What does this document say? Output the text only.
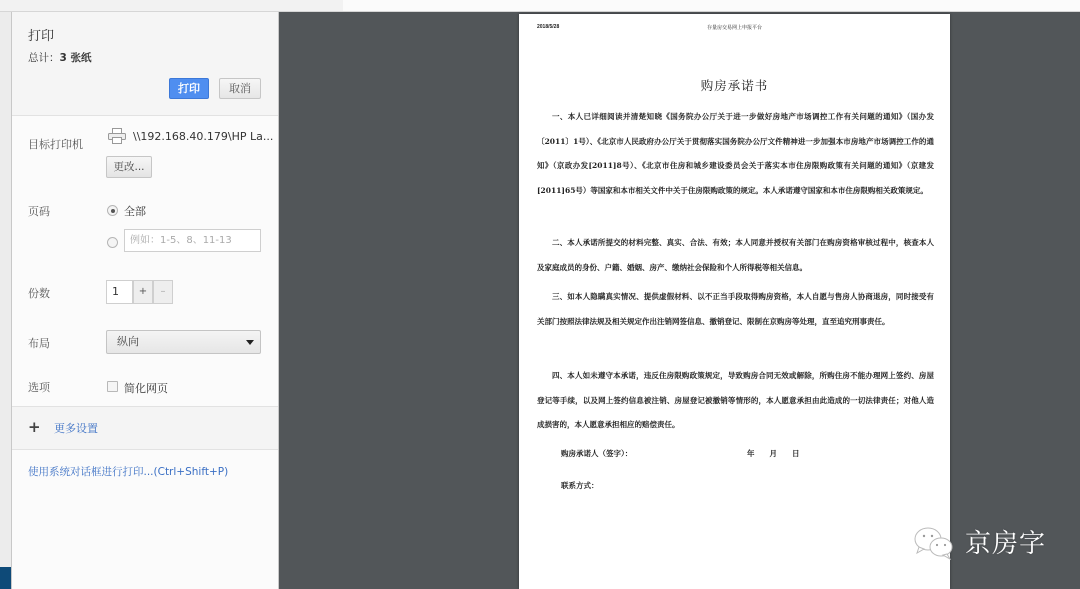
打印
总计：3 张纸
打印	取消
目标打印机
\\192.168.40.179\HP La...
更改...
页码	全部
例如：1-5、8、11-13
份数	1	+	–
布局	纵向
选项	简化网页
+ 更多设置
使用系统对话框进行打印...(Ctrl+Shift+P)
2018/5/28	存量房交易网上申报平台
购房承诺书

一、本人已详细阅读并清楚知晓《国务院办公厅关于进一步做好房地产市场调控工作有关问题的通知》（国办发〔2011〕1号）、《北京市人民政府办公厅关于贯彻落实国务院办公厅文件精神进一步加强本市房地产市场调控工作的通知》（京政办发[2011]8号）、《北京市住房和城乡建设委员会关于落实本市住房限购政策有关问题的通知》（京建发[2011]65号）等国家和本市相关文件中关于住房限购政策的规定。本人承诺遵守国家和本市住房限购相关政策规定。

二、本人承诺所提交的材料完整、真实、合法、有效；本人同意并授权有关部门在购房资格审核过程中，核查本人及家庭成员的身份、户籍、婚姻、房产、缴纳社会保险和个人所得税等相关信息。

三、如本人隐瞒真实情况、提供虚假材料、以不正当手段取得购房资格，本人自愿与售房人协商退房，同时接受有关部门按照法律法规及相关规定作出注销网签信息、撤销登记、限制在京购房等处理，直至追究刑事责任。

四、本人如未遵守本承诺，违反住房限购政策规定，导致购房合同无效或解除，所购住房不能办理网上签约、房屋登记等手续，以及网上签约信息被注销、房屋登记被撤销等情形的，本人愿意承担由此造成的一切法律责任；对他人造成损害的，本人愿意承担相应的赔偿责任。

购房承诺人（签字）：	年　　月　　日
联系方式：
京房字
